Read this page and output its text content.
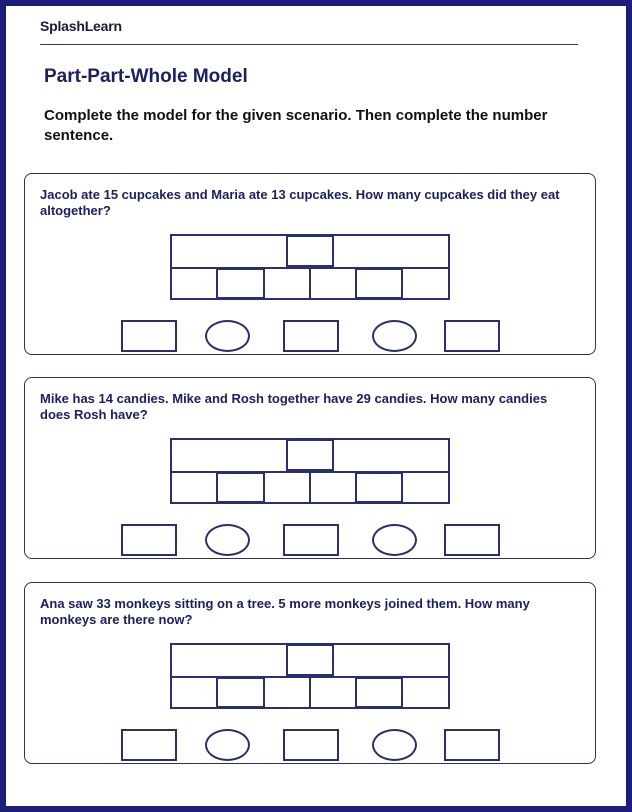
SplashLearn
Part-Part-Whole Model
Complete the model for the given scenario. Then complete the number sentence.
Jacob ate 15 cupcakes and Maria ate 13 cupcakes. How many cupcakes did they eat altogether?
Mike has 14 candies. Mike and Rosh together have 29 candies. How many candies does Rosh have?
Ana saw 33 monkeys sitting on a tree. 5 more monkeys joined them. How many monkeys are there now?
